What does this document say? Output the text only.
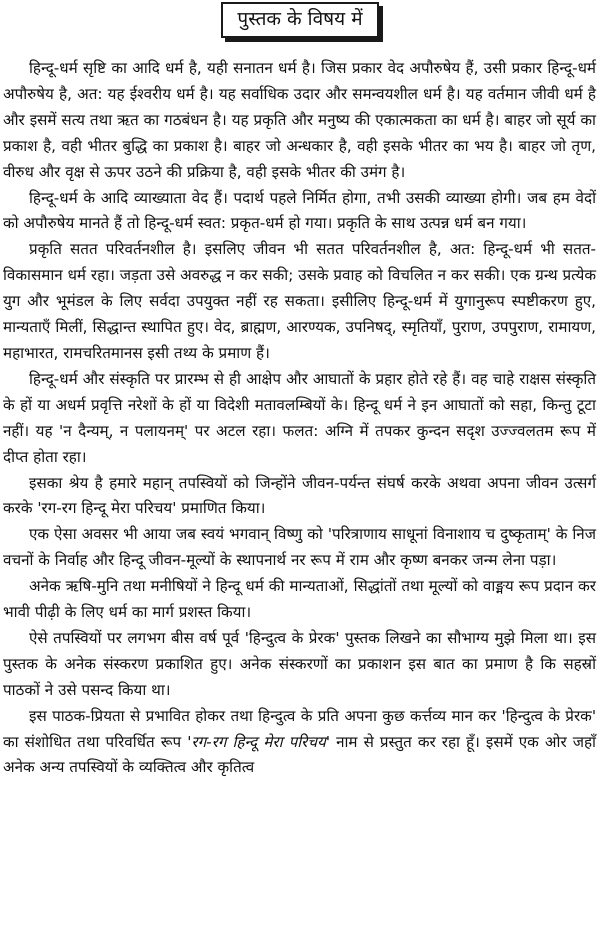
पुस्तक के विषय में

हिन्दू-धर्म सृष्टि का आदि धर्म है, यही सनातन धर्म है। जिस प्रकार वेद अपौरुषेय हैं, उसी प्रकार हिन्दू-धर्म अपौरुषेय है, अत: यह ईश्वरीय धर्म है। यह सर्वाधिक उदार और समन्वयशील धर्म है। यह वर्तमान जीवी धर्म है और इसमें सत्य तथा ऋत का गठबंधन है। यह प्रकृति और मनुष्य की एकात्मकता का धर्म है। बाहर जो सूर्य का प्रकाश है, वही भीतर बुद्धि का प्रकाश है। बाहर जो अन्धकार है, वही इसके भीतर का भय है। बाहर जो तृण, वीरुध और वृक्ष से ऊपर उठने की प्रक्रिया है, वही इसके भीतर की उमंग है।

हिन्दू-धर्म के आदि व्याख्याता वेद हैं। पदार्थ पहले निर्मित होगा, तभी उसकी व्याख्या होगी। जब हम वेदों को अपौरुषेय मानते हैं तो हिन्दू-धर्म स्वत: प्रकृत-धर्म हो गया। प्रकृति के साथ उत्पन्न धर्म बन गया।

प्रकृति सतत परिवर्तनशील है। इसलिए जीवन भी सतत परिवर्तनशील है, अत: हिन्दू-धर्म भी सतत-विकासमान धर्म रहा। जड़ता उसे अवरुद्ध न कर सकी; उसके प्रवाह को विचलित न कर सकी। एक ग्रन्थ प्रत्येक युग और भूमंडल के लिए सर्वदा उपयुक्त नहीं रह सकता। इसीलिए हिन्दू-धर्म में युगानुरूप स्पष्टीकरण हुए, मान्यताएँ मिलीं, सिद्धान्त स्थापित हुए। वेद, ब्राह्मण, आरण्यक, उपनिषद्, स्मृतियाँ, पुराण, उपपुराण, रामायण, महाभारत, रामचरितमानस इसी तथ्य के प्रमाण हैं।

हिन्दू-धर्म और संस्कृति पर प्रारम्भ से ही आक्षेप और आघातों के प्रहार होते रहे हैं। वह चाहे राक्षस संस्कृति के हों या अधर्म प्रवृत्ति नरेशों के हों या विदेशी मतावलम्बियों के। हिन्दू धर्म ने इन आघातों को सहा, किन्तु टूटा नहीं। यह 'न दैन्यम्, न पलायनम्' पर अटल रहा। फलत: अग्नि में तपकर कुन्दन सदृश उज्ज्वलतम रूप में दीप्त होता रहा।

इसका श्रेय है हमारे महान् तपस्वियों को जिन्होंने जीवन-पर्यन्त संघर्ष करके अथवा अपना जीवन उत्सर्ग करके 'रग-रग हिन्दू मेरा परिचय' प्रमाणित किया।

एक ऐसा अवसर भी आया जब स्वयं भगवान् विष्णु को 'परित्राणाय साधूनां विनाशाय च दुष्कृताम्' के निज वचनों के निर्वाह और हिन्दू जीवन-मूल्यों के स्थापनार्थ नर रूप में राम और कृष्ण बनकर जन्म लेना पड़ा।

अनेक ऋषि-मुनि तथा मनीषियों ने हिन्दू धर्म की मान्यताओं, सिद्धांतों तथा मूल्यों को वाङ्मय रूप प्रदान कर भावी पीढ़ी के लिए धर्म का मार्ग प्रशस्त किया।

ऐसे तपस्वियों पर लगभग बीस वर्ष पूर्व 'हिन्दुत्व के प्रेरक' पुस्तक लिखने का सौभाग्य मुझे मिला था। इस पुस्तक के अनेक संस्करण प्रकाशित हुए। अनेक संस्करणों का प्रकाशन इस बात का प्रमाण है कि सहस्रों पाठकों ने उसे पसन्द किया था।

इस पाठक-प्रियता से प्रभावित होकर तथा हिन्दुत्व के प्रति अपना कुछ कर्त्तव्य मान कर 'हिन्दुत्व के प्रेरक' का संशोधित तथा परिवर्धित रूप 'रग-रग हिन्दू मेरा परिचय' नाम से प्रस्तुत कर रहा हूँ। इसमें एक ओर जहाँ अनेक अन्य तपस्वियों के व्यक्तित्व और कृतित्व
